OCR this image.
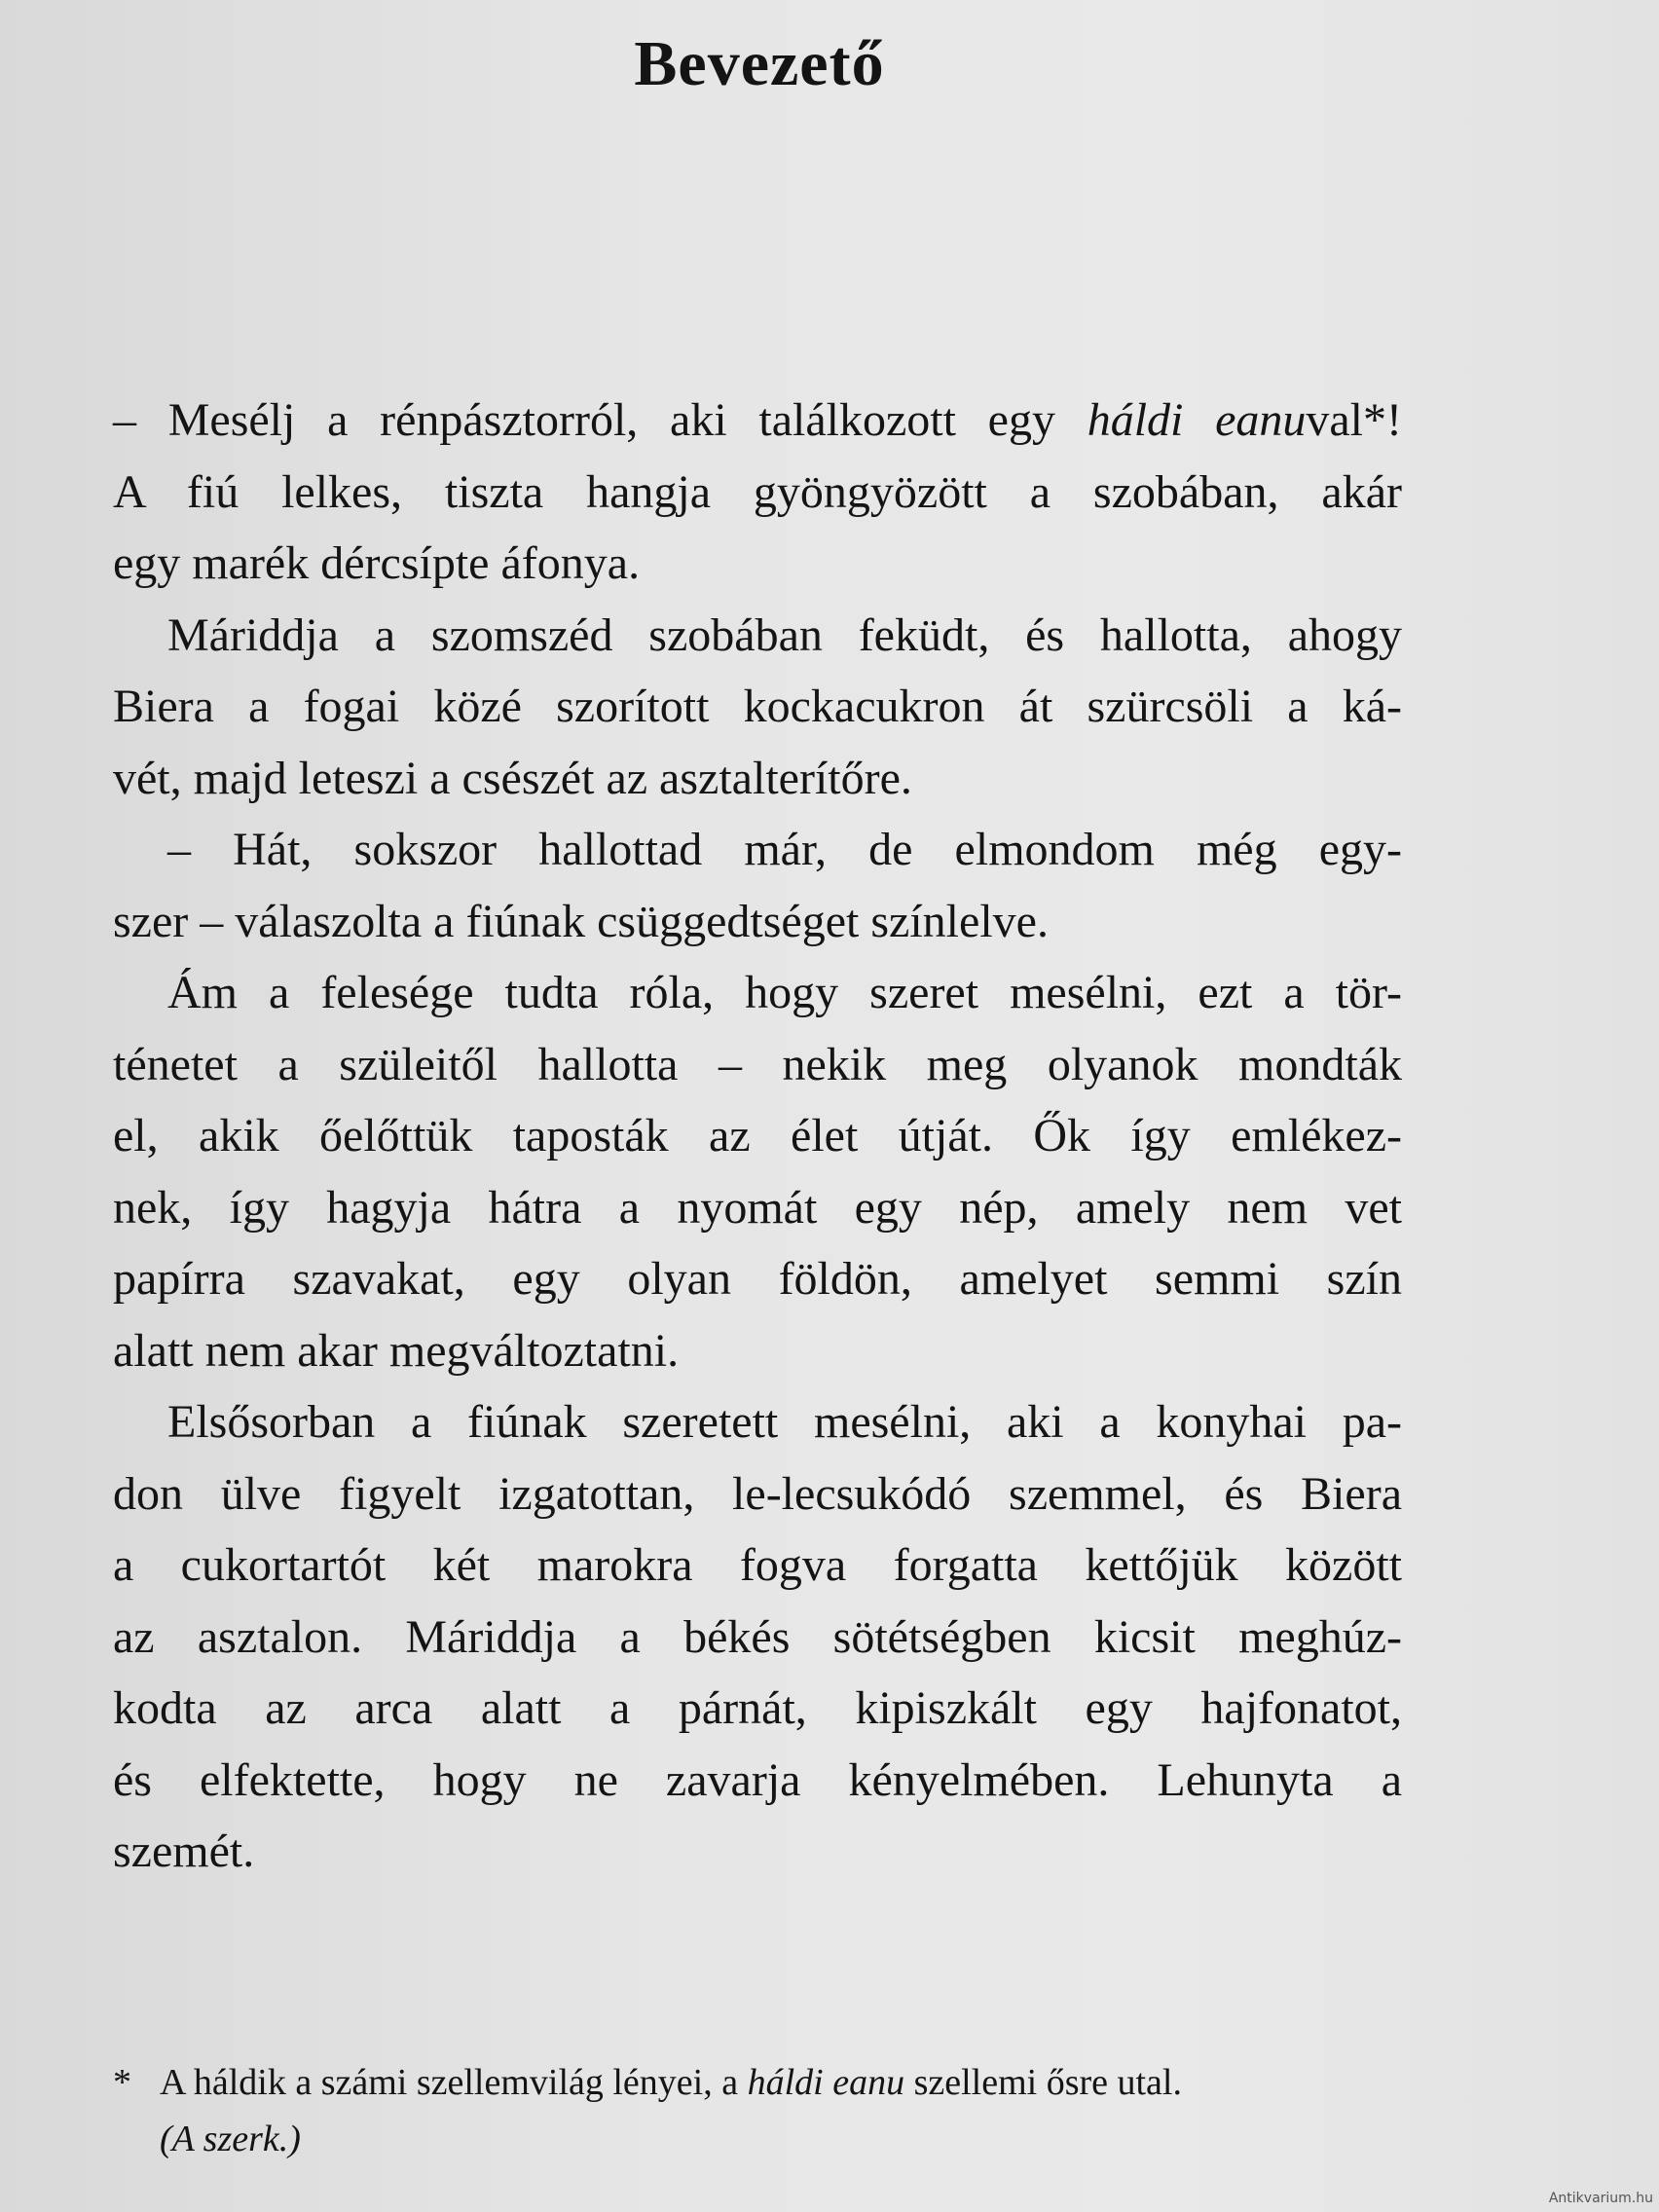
Bevezető
– Mesélj a rénpásztorról, aki találkozott egy háldi eanuval*!
A fiú lelkes, tiszta hangja gyöngyözött a szobában, akár
egy marék dércsípte áfonya.
Máriddja a szomszéd szobában feküdt, és hallotta, ahogy
Biera a fogai közé szorított kockacukron át szürcsöli a ká-
vét, majd leteszi a csészét az asztalterítőre.
– Hát, sokszor hallottad már, de elmondom még egy-
szer – válaszolta a fiúnak csüggedtséget színlelve.
Ám a felesége tudta róla, hogy szeret mesélni, ezt a tör-
ténetet a szüleitől hallotta – nekik meg olyanok mondták
el, akik őelőttük taposták az élet útját. Ők így emlékez-
nek, így hagyja hátra a nyomát egy nép, amely nem vet
papírra szavakat, egy olyan földön, amelyet semmi szín
alatt nem akar megváltoztatni.
Elsősorban a fiúnak szeretett mesélni, aki a konyhai pa-
don ülve figyelt izgatottan, le-lecsukódó szemmel, és Biera
a cukortartót két marokra fogva forgatta kettőjük között
az asztalon. Máriddja a békés sötétségben kicsit meghúz-
kodta az arca alatt a párnát, kipiszkált egy hajfonatot,
és elfektette, hogy ne zavarja kényelmében. Lehunyta a
szemét.
* A háldik a számi szellemvilág lényei, a háldi eanu szellemi ősre utal.
(A szerk.)
Antikvarium.hu
